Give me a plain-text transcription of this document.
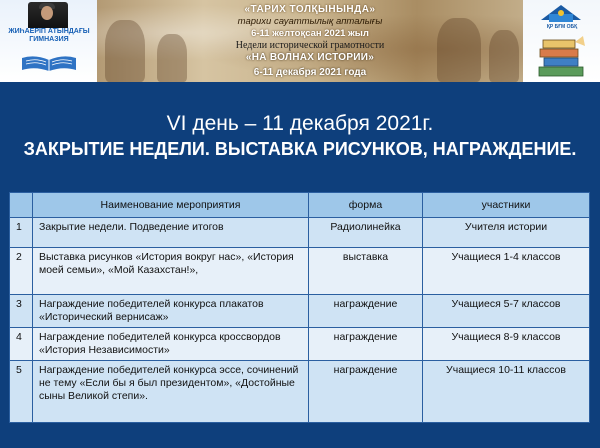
ЖИҺАЕРІП АТЫНДАҒЫ ГИМНАЗИЯ
«ТАРИХ ТОЛҚЫНЫНДА»
тарихи сауаттылық апталығы
6-11 желтоқсан 2021 жыл
Недели исторической грамотности
«НА ВОЛНАХ ИСТОРИИ»
6-11 декабря 2021 года
ҚР БҒМ ОБҚ
VI день – 11 декабря 2021г.
ЗАКРЫТИЕ НЕДЕЛИ. ВЫСТАВКА РИСУНКОВ, НАГРАЖДЕНИЕ.
	Наименование мероприятия	форма	участники
1	Закрытие недели. Подведение итогов	Радиолинейка	Учителя истории
2	Выставка рисунков «История вокруг нас», «История моей семьи», «Мой Казахстан!»,	выставка	Учащиеся 1-4 классов
3	Награждение победителей конкурса плакатов «Исторический вернисаж»	награждение	Учащиеся 5-7 классов
4	Награждение победителей конкурса кроссвордов «История Независимости»	награждение	Учащиеся 8-9 классов
5	Награждение победителей конкурса эссе, сочинений не тему «Если бы я был президентом», «Достойные сыны Великой степи».	награждение	Учащиеся 10-11 классов
